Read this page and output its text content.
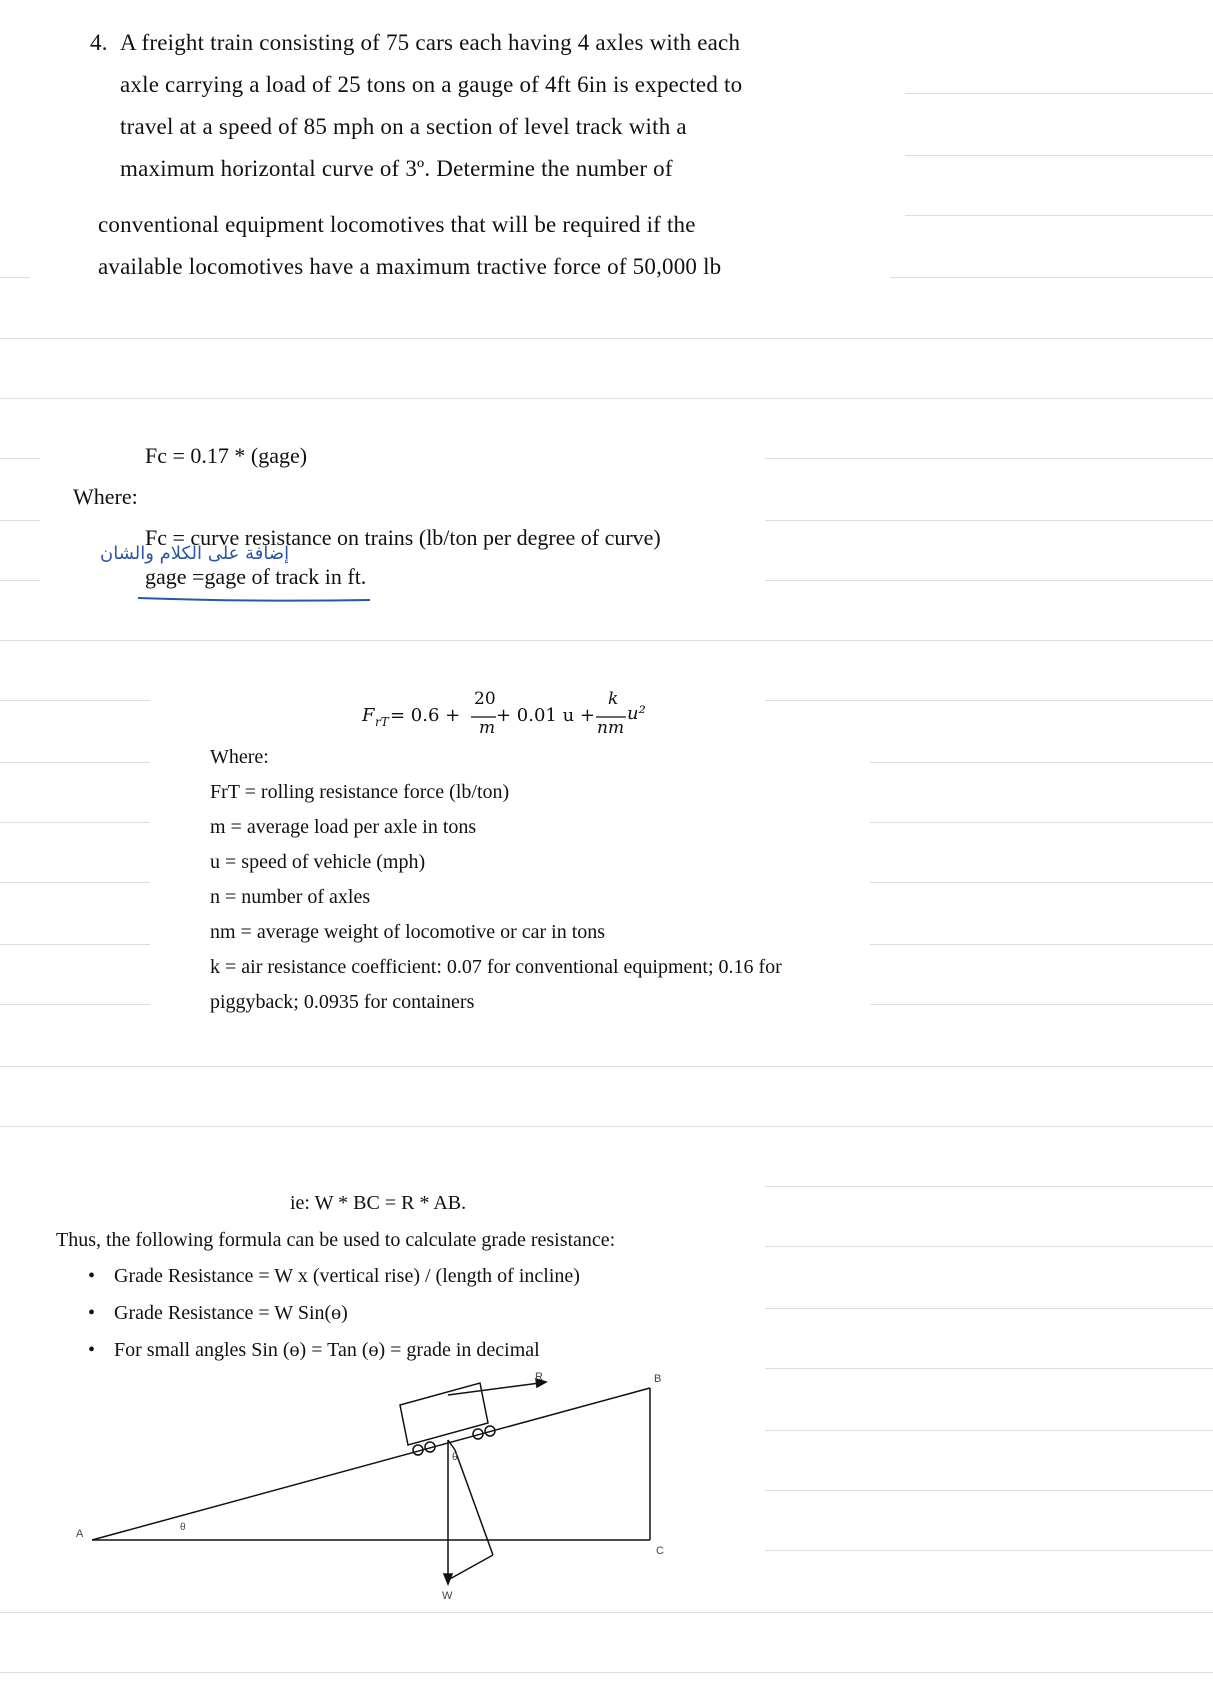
4. A freight train consisting of 75 cars each having 4 axles with each
axle carrying a load of 25 tons on a gauge of 4ft 6in is expected to
travel at a speed of 85 mph on a section of level track with a
maximum horizontal curve of 3º. Determine the number of
conventional equipment locomotives that will be required if the
available locomotives have a maximum tractive force of 50,000 lb
Fc = 0.17 * (gage)
Where:
Fc = curve resistance on trains (lb/ton per degree of curve)
gage =gage of track in ft.
إضافة على الكلام والشان
F rT = 0.6 +
20
m
+ 0.01 u +
k
nm
u²
Where:
FrT = rolling resistance force (lb/ton)
m = average load per axle in tons
u = speed of vehicle (mph)
n = number of axles
nm = average weight of locomotive or car in tons
k = air resistance coefficient: 0.07 for conventional equipment; 0.16 for
piggyback; 0.0935 for containers
ie: W * BC = R * AB.
Thus, the following formula can be used to calculate grade resistance:
• Grade Resistance = W x (vertical rise) / (length of incline)
• Grade Resistance = W Sin(ɵ)
• For small angles Sin (ɵ) = Tan (ɵ) = grade in decimal
A
B
C
R
W
θ
θ
